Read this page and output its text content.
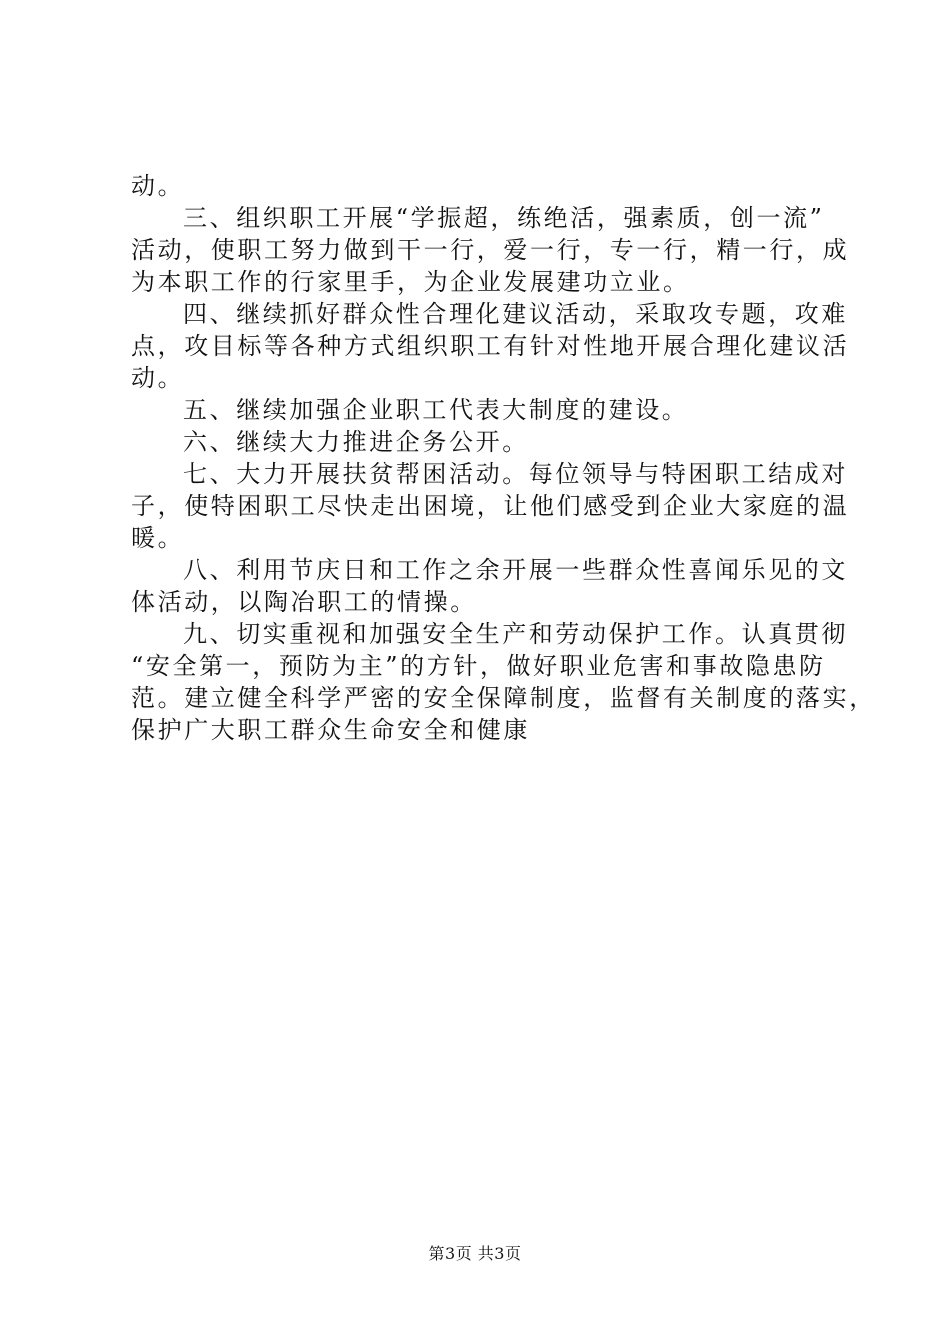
动。
三、组织职工开展“学振超，练绝活，强素质，创一流”
活动，使职工努力做到干一行，爱一行，专一行，精一行，成
为本职工作的行家里手，为企业发展建功立业。
四、继续抓好群众性合理化建议活动，采取攻专题，攻难
点，攻目标等各种方式组织职工有针对性地开展合理化建议活
动。
五、继续加强企业职工代表大制度的建设。
六、继续大力推进企务公开。
七、大力开展扶贫帮困活动。每位领导与特困职工结成对
子，使特困职工尽快走出困境，让他们感受到企业大家庭的温
暖。
八、利用节庆日和工作之余开展一些群众性喜闻乐见的文
体活动，以陶冶职工的情操。
九、切实重视和加强安全生产和劳动保护工作。认真贯彻
“安全第一，预防为主”的方针，做好职业危害和事故隐患防
范。建立健全科学严密的安全保障制度，监督有关制度的落实，
保护广大职工群众生命安全和健康
第3页 共3页
